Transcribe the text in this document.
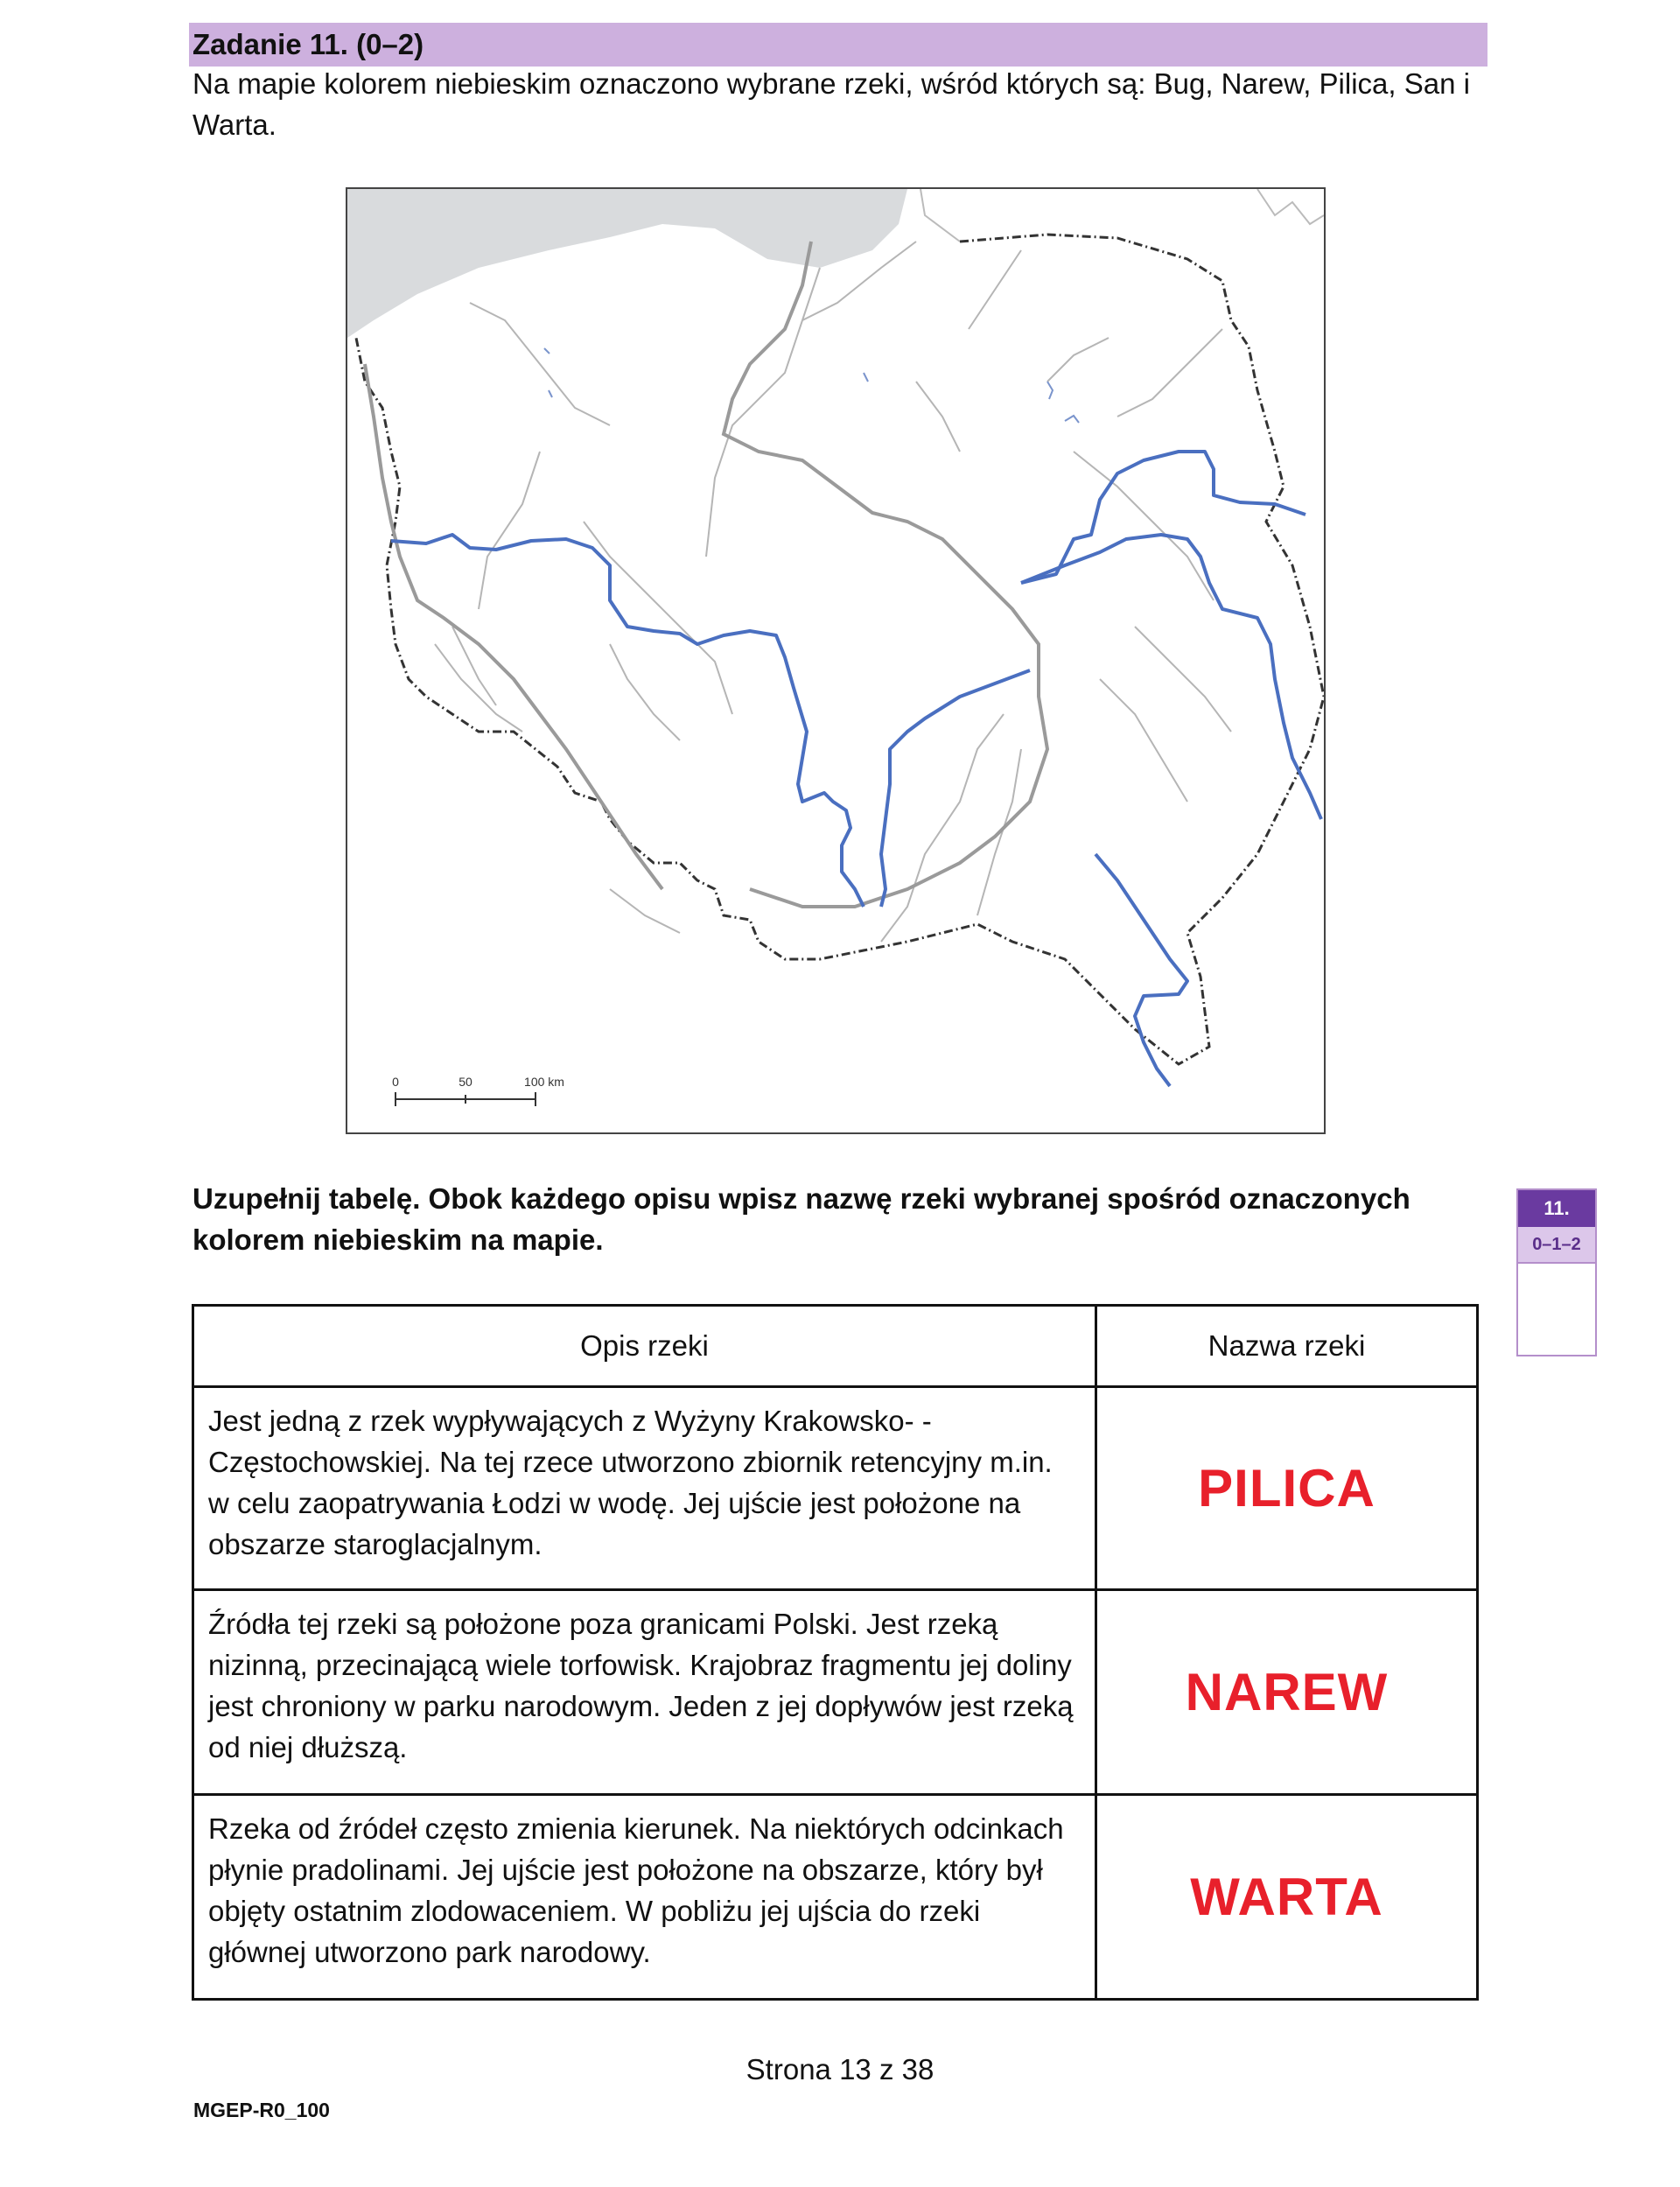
Zadanie 11. (0–2)
Na mapie kolorem niebieskim oznaczono wybrane rzeki, wśród których są: Bug, Narew, Pilica, San i Warta.
0	50	100 km
Uzupełnij tabelę. Obok każdego opisu wpisz nazwę rzeki wybranej spośród oznaczonych kolorem niebieskim na mapie.
11.
0–1–2
Opis rzeki	Nazwa rzeki
Jest jedną z rzek wypływających z Wyżyny Krakowsko- -Częstochowskiej. Na tej rzece utworzono zbiornik retencyjny m.in. w celu zaopatrywania Łodzi w wodę. Jej ujście jest położone na obszarze staroglacjalnym.	PILICA
Źródła tej rzeki są położone poza granicami Polski. Jest rzeką nizinną, przecinającą wiele torfowisk. Krajobraz fragmentu jej doliny jest chroniony w parku narodowym. Jeden z jej dopływów jest rzeką od niej dłuższą.	NAREW
Rzeka od źródeł często zmienia kierunek. Na niektórych odcinkach płynie pradolinami. Jej ujście jest położone na obszarze, który był objęty ostatnim zlodowaceniem. W pobliżu jej ujścia do rzeki głównej utworzono park narodowy.	WARTA
Strona 13 z 38
MGEP-R0_100
